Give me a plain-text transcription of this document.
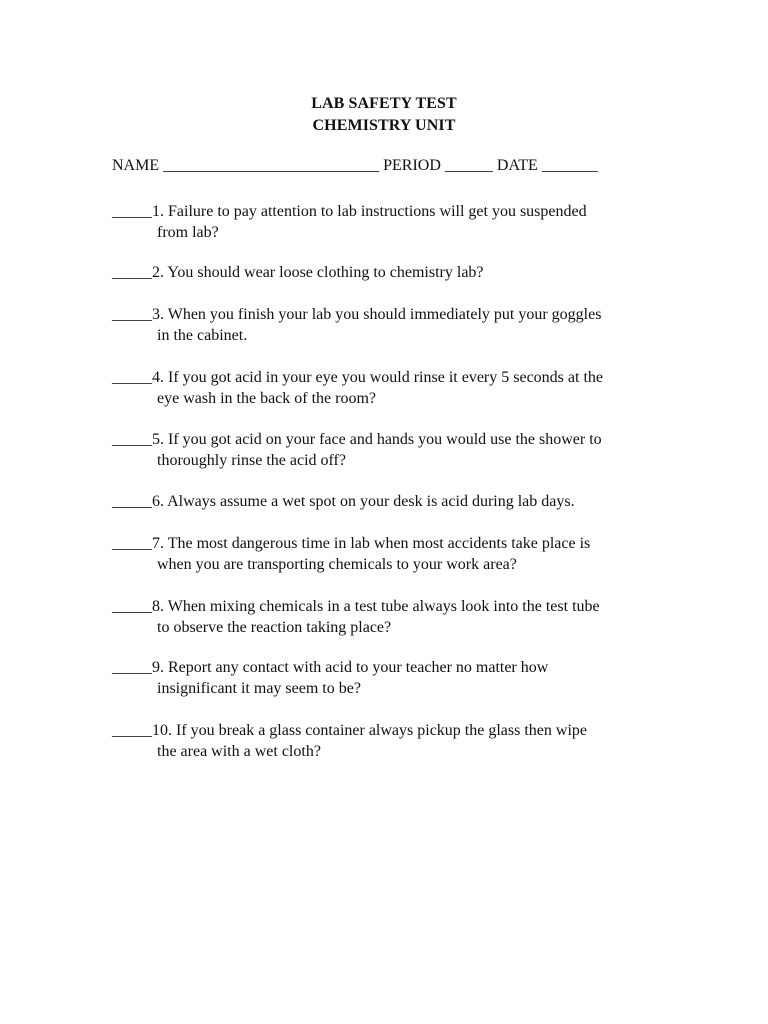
LAB SAFETY TEST
CHEMISTRY UNIT
NAME ___________________________ PERIOD ______ DATE _______
_____1. Failure to pay attention to lab instructions will get you suspended
from lab?
_____2. You should wear loose clothing to chemistry lab?
_____3. When you finish your lab you should immediately put your goggles
in the cabinet.
_____4. If you got acid in your eye you would rinse it every 5 seconds at the
eye wash in the back of the room?
_____5. If you got acid on your face and hands you would use the shower to
thoroughly rinse the acid off?
_____6. Always assume a wet spot on your desk is acid during lab days.
_____7. The most dangerous time in lab when most accidents take place is
when you are transporting chemicals to your work area?
_____8. When mixing chemicals in a test tube always look into the test tube
to observe the reaction taking place?
_____9. Report any contact with acid to your teacher no matter how
insignificant it may seem to be?
_____10. If you break a glass container always pickup the glass then wipe
the area with a wet cloth?
